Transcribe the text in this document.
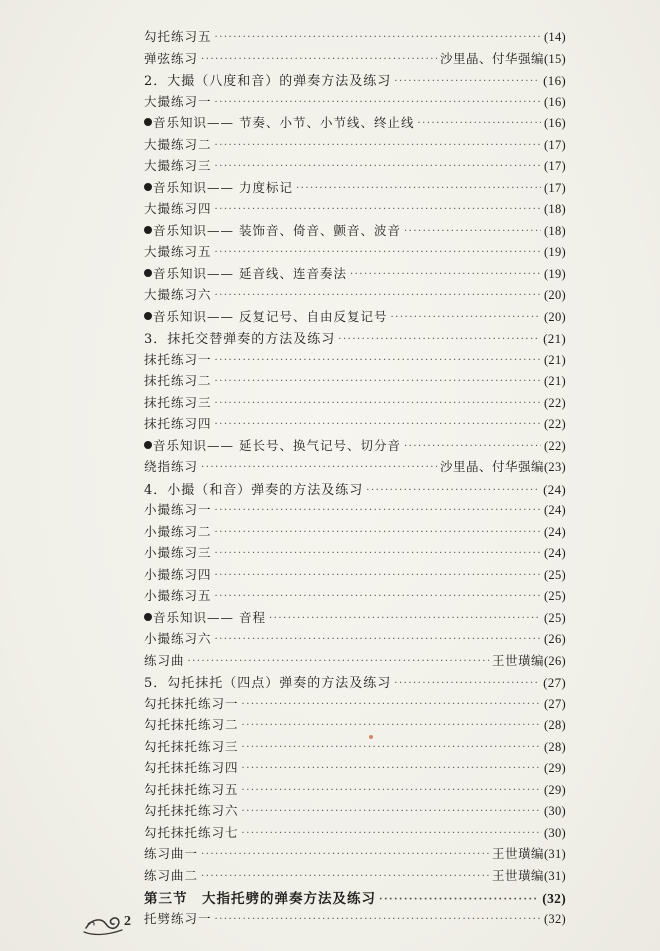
勾托练习五 ·····	(14)
弹弦练习 ·····	沙里晶、付华强编 (15)
2．大撮（八度和音）的弹奏方法及练习 ·····	(16)
大撮练习一 ·····	(16)
音乐知识—— 节奏、小节、小节线、终止线 ·····	(16)
大撮练习二 ·····	(17)
大撮练习三 ·····	(17)
音乐知识—— 力度标记 ·····	(17)
大撮练习四 ·····	(18)
音乐知识—— 装饰音、倚音、颤音、波音 ·····	(18)
大撮练习五 ·····	(19)
音乐知识—— 延音线、连音奏法 ·····	(19)
大撮练习六 ·····	(20)
音乐知识—— 反复记号、自由反复记号 ·····	(20)
3．抹托交替弹奏的方法及练习 ·····	(21)
抹托练习一 ·····	(21)
抹托练习二 ·····	(21)
抹托练习三 ·····	(22)
抹托练习四 ·····	(22)
音乐知识—— 延长号、换气记号、切分音 ·····	(22)
绕指练习 ·····	沙里晶、付华强编 (23)
4．小撮（和音）弹奏的方法及练习 ·····	(24)
小撮练习一 ·····	(24)
小撮练习二 ·····	(24)
小撮练习三 ·····	(24)
小撮练习四 ·····	(25)
小撮练习五 ·····	(25)
音乐知识—— 音程 ·····	(25)
小撮练习六 ·····	(26)
练习曲 ·····	王世璜编 (26)
5．勾托抹托（四点）弹奏的方法及练习 ·····	(27)
勾托抹托练习一 ·····	(27)
勾托抹托练习二 ·····	(28)
勾托抹托练习三 ·····	(28)
勾托抹托练习四 ·····	(29)
勾托抹托练习五 ·····	(29)
勾托抹托练习六 ·····	(30)
勾托抹托练习七 ·····	(30)
练习曲一 ·····	王世璜编 (31)
练习曲二 ·····	王世璜编 (31)
第三节　大指托劈的弹奏方法及练习 ·····	(32)
托劈练习一 ·····	(32)
2
